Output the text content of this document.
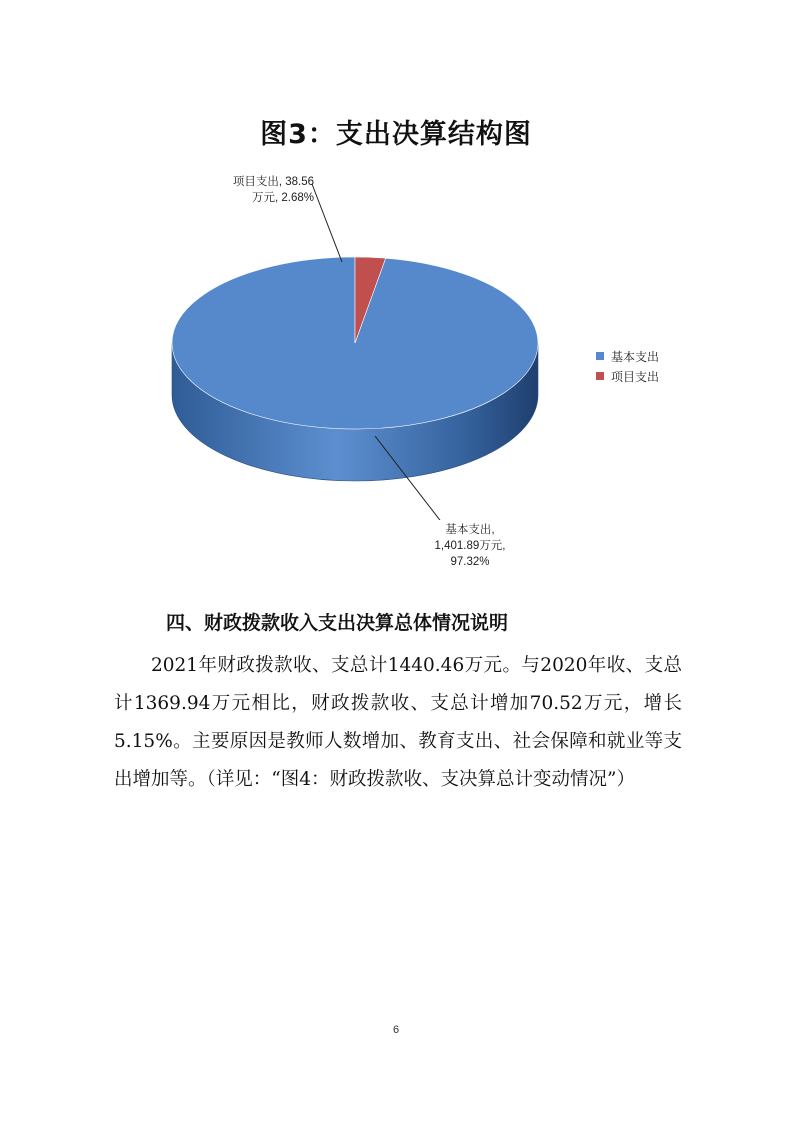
图3：支出决算结构图
项目支出, 38.56
万元, 2.68%
基本支出,
1,401.89万元,
97.32%
基本支出
项目支出
四、财政拨款收入支出决算总体情况说明
2021年财政拨款收、支总计1440.46万元。与2020年收、支总计1369.94万元相比，财政拨款收、支总计增加70.52万元，增长5.15%。主要原因是教师人数增加、教育支出、社会保障和就业等支出增加等。（详见：“图4：财政拨款收、支决算总计变动情况”）
6
